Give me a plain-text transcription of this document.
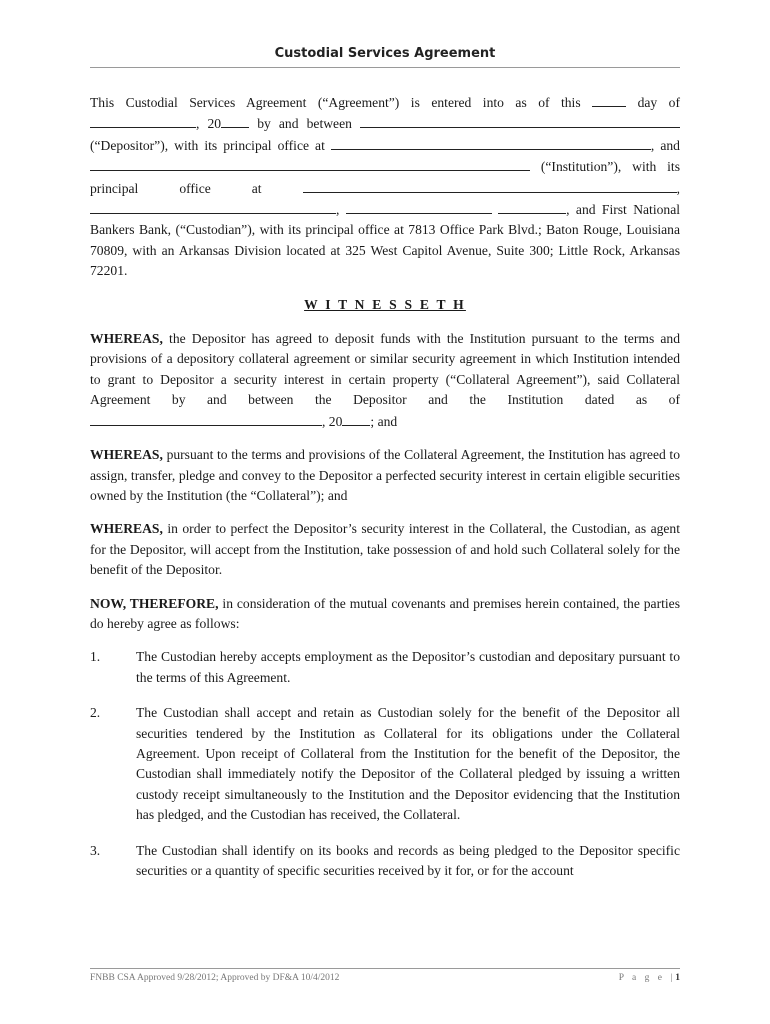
Custodial Services Agreement

This Custodial Services Agreement (“Agreement”) is entered into as of this	day of , 20	by and between  (“Depositor”), with its principal office at	, and  (“Institution”), with its principal office at	, ,	, and First National Bankers Bank, (“Custodian”), with its principal office at 7813 Office Park Blvd.; Baton Rouge, Louisiana 70809, with an Arkansas Division located at 325 West Capitol Avenue, Suite 300; Little Rock, Arkansas 72201.

W I T N E S S E T H

WHEREAS, the Depositor has agreed to deposit funds with the Institution pursuant to the terms and provisions of a depository collateral agreement or similar security agreement in which Institution intended to grant to Depositor a security interest in certain property (“Collateral Agreement”), said Collateral Agreement by and between the Depositor and the Institution dated as of , 20 ; and

WHEREAS, pursuant to the terms and provisions of the Collateral Agreement, the Institution has agreed to assign, transfer, pledge and convey to the Depositor a perfected security interest in certain eligible securities owned by the Institution (the “Collateral”); and

WHEREAS, in order to perfect the Depositor’s security interest in the Collateral, the Custodian, as agent for the Depositor, will accept from the Institution, take possession of and hold such Collateral solely for the benefit of the Depositor.

NOW, THEREFORE, in consideration of the mutual covenants and premises herein contained, the parties do hereby agree as follows:

1.	The Custodian hereby accepts employment as the Depositor’s custodian and depositary pursuant to the terms of this Agreement.
2.	The Custodian shall accept and retain as Custodian solely for the benefit of the Depositor all securities tendered by the Institution as Collateral for its obligations under the Collateral Agreement. Upon receipt of Collateral from the Institution for the benefit of the Depositor, the Custodian shall immediately notify the Depositor of the Collateral pledged by issuing a written custody receipt simultaneously to the Institution and the Depositor evidencing that the Institution has pledged, and the Custodian has received, the Collateral.
3.	The Custodian shall identify on its books and records as being pledged to the Depositor specific securities or a quantity of specific securities received by it for, or for the account
FNBB CSA Approved 9/28/2012; Approved by DF&A 10/4/2012	P a g e |1
